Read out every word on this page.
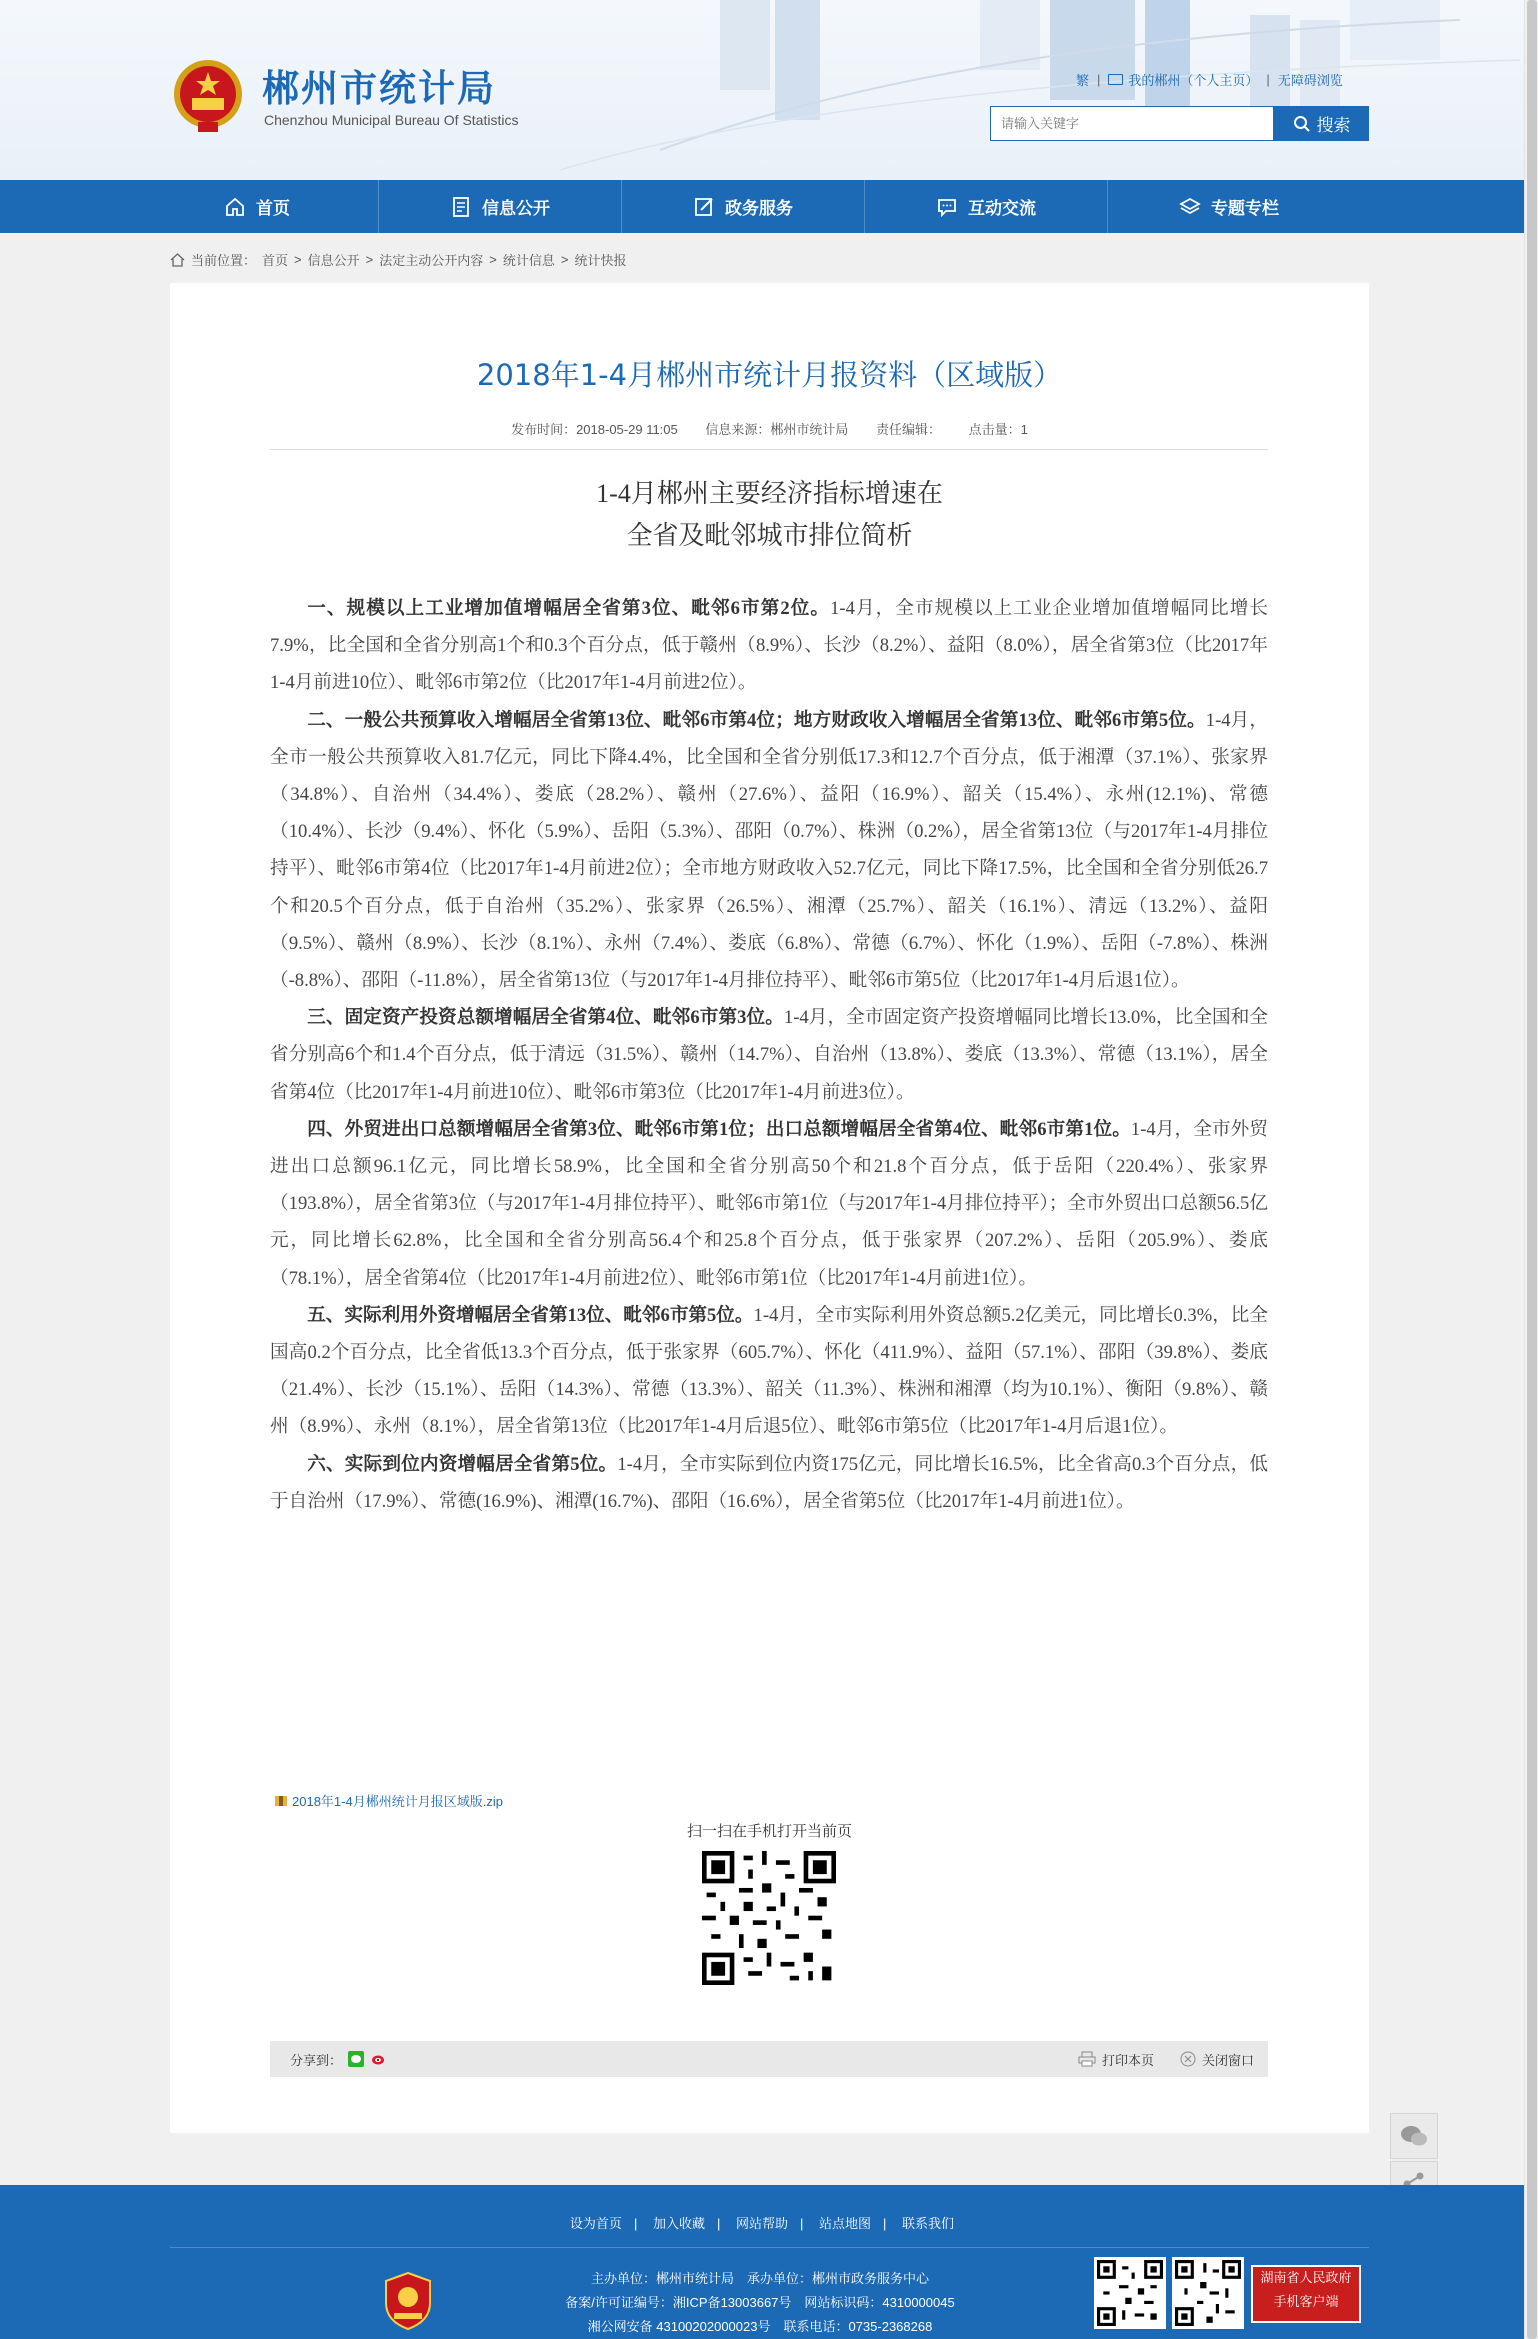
郴州市统计局
Chenzhou Municipal Bureau Of Statistics
繁 | 我的郴州（个人主页） | 无障碍浏览
请输入关键字
搜索
首页	信息公开	政务服务	互动交流	专题专栏
当前位置： 首页 > 信息公开 > 法定主动公开内容 > 统计信息 > 统计快报
2018年1-4月郴州市统计月报资料（区域版）
发布时间：2018-05-29 11:05 信息来源：郴州市统计局 责任编辑： 点击量：1
1-4月郴州主要经济指标增速在
全省及毗邻城市排位简析

一、规模以上工业增加值增幅居全省第3位、毗邻6市第2位。1-4月，全市规模以上工业企业增加值增幅同比增长7.9%，比全国和全省分别高1个和0.3个百分点，低于赣州（8.9%）、长沙（8.2%）、益阳（8.0%），居全省第3位（比2017年1-4月前进10位）、毗邻6市第2位（比2017年1-4月前进2位）。

二、一般公共预算收入增幅居全省第13位、毗邻6市第4位；地方财政收入增幅居全省第13位、毗邻6市第5位。1-4月，全市一般公共预算收入81.7亿元，同比下降4.4%，比全国和全省分别低17.3和12.7个百分点，低于湘潭（37.1%）、张家界（34.8%）、自治州（34.4%）、娄底（28.2%）、赣州（27.6%）、益阳（16.9%）、韶关（15.4%）、永州(12.1%)、常德（10.4%）、长沙（9.4%）、怀化（5.9%）、岳阳（5.3%）、邵阳（0.7%）、株洲（0.2%），居全省第13位（与2017年1-4月排位持平）、毗邻6市第4位（比2017年1-4月前进2位）；全市地方财政收入52.7亿元，同比下降17.5%，比全国和全省分别低26.7个和20.5个百分点，低于自治州（35.2%）、张家界（26.5%）、湘潭（25.7%）、韶关（16.1%）、清远（13.2%）、益阳（9.5%）、赣州（8.9%）、长沙（8.1%）、永州（7.4%）、娄底（6.8%）、常德（6.7%）、怀化（1.9%）、岳阳（-7.8%）、株洲（-8.8%）、邵阳（-11.8%），居全省第13位（与2017年1-4月排位持平）、毗邻6市第5位（比2017年1-4月后退1位）。

三、固定资产投资总额增幅居全省第4位、毗邻6市第3位。1-4月，全市固定资产投资增幅同比增长13.0%，比全国和全省分别高6个和1.4个百分点，低于清远（31.5%）、赣州（14.7%）、自治州（13.8%）、娄底（13.3%）、常德（13.1%），居全省第4位（比2017年1-4月前进10位）、毗邻6市第3位（比2017年1-4月前进3位）。

四、外贸进出口总额增幅居全省第3位、毗邻6市第1位；出口总额增幅居全省第4位、毗邻6市第1位。1-4月，全市外贸进出口总额96.1亿元，同比增长58.9%，比全国和全省分别高50个和21.8个百分点，低于岳阳（220.4%）、张家界（193.8%），居全省第3位（与2017年1-4月排位持平）、毗邻6市第1位（与2017年1-4月排位持平）；全市外贸出口总额56.5亿元，同比增长62.8%，比全国和全省分别高56.4个和25.8个百分点，低于张家界（207.2%）、岳阳（205.9%）、娄底（78.1%），居全省第4位（比2017年1-4月前进2位）、毗邻6市第1位（比2017年1-4月前进1位）。

五、实际利用外资增幅居全省第13位、毗邻6市第5位。1-4月，全市实际利用外资总额5.2亿美元，同比增长0.3%，比全国高0.2个百分点，比全省低13.3个百分点，低于张家界（605.7%）、怀化（411.9%）、益阳（57.1%）、邵阳（39.8%）、娄底（21.4%）、长沙（15.1%）、岳阳（14.3%）、常德（13.3%）、韶关（11.3%）、株洲和湘潭（均为10.1%）、衡阳（9.8%）、赣州（8.9%）、永州（8.1%），居全省第13位（比2017年1-4月后退5位）、毗邻6市第5位（比2017年1-4月后退1位）。

六、实际到位内资增幅居全省第5位。1-4月，全市实际到位内资175亿元，同比增长16.5%，比全省高0.3个百分点，低于自治州（17.9%）、常德(16.9%)、湘潭(16.7%)、邵阳（16.6%），居全省第5位（比2017年1-4月前进1位）。

2018年1-4月郴州统计月报区域版.zip
扫一扫在手机打开当前页
分享到：	打印本页	关闭窗口
设为首页 | 加入收藏 | 网站帮助 | 站点地图 | 联系我们
主办单位：郴州市统计局　承办单位：郴州市政务服务中心
备案/许可证编号：湘ICP备13003667号　网站标识码：4310000045
湘公网安备 43100202000023号　联系电话：0735-2368268
湖南省人民政府
手机客户端
